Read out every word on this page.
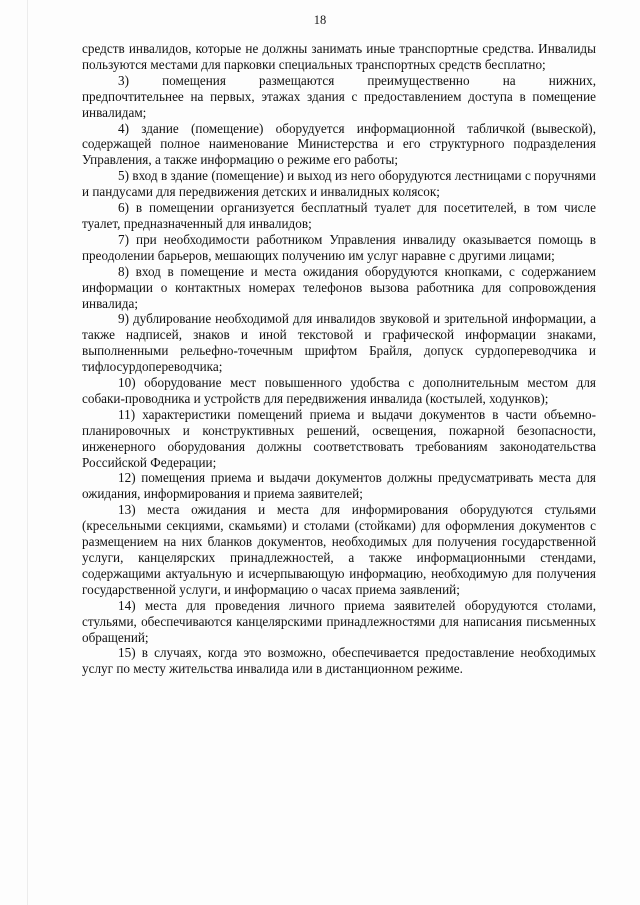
18

средств инвалидов, которые не должны занимать иные транспортные средства. Инвалиды пользуются местами для парковки специальных транспортных средств бесплатно;

3)     помещения     размещаются     преимущественно     на     нижних, предпочтительнее на первых, этажах здания с предоставлением доступа в помещение инвалидам;

4)  здание  (помещение)  оборудуется  информационной  табличкой (вывеской), содержащей полное наименование Министерства и его структурного подразделения Управления, а также информацию о режиме его работы;

5) вход в здание (помещение) и выход из него оборудуются лестницами с поручнями и пандусами для передвижения детских и инвалидных колясок;

6) в помещении организуется бесплатный туалет для посетителей, в том числе туалет, предназначенный для инвалидов;

7) при необходимости работником Управления инвалиду оказывается помощь в преодолении барьеров, мешающих получению им услуг наравне с другими лицами;

8) вход в помещение и места ожидания оборудуются кнопками, с содержанием информации о контактных номерах телефонов вызова работника для сопровождения инвалида;

9) дублирование необходимой для инвалидов звуковой и зрительной информации, а также надписей, знаков и иной текстовой и графической информации знаками, выполненными рельефно-точечным шрифтом Брайля, допуск сурдопереводчика и тифлосурдопереводчика;

10) оборудование мест повышенного удобства с дополнительным местом для собаки-проводника и устройств для передвижения инвалида (костылей, ходунков);

11) характеристики помещений приема и выдачи документов в части объемно-планировочных и конструктивных решений, освещения, пожарной безопасности, инженерного оборудования должны соответствовать требованиям законодательства Российской Федерации;

12) помещения приема и выдачи документов должны предусматривать места для ожидания, информирования и приема заявителей;

13) места ожидания и места для информирования оборудуются стульями (кресельными секциями, скамьями) и столами (стойками) для оформления документов с размещением на них бланков документов, необходимых для получения государственной услуги, канцелярских принадлежностей, а также информационными стендами, содержащими актуальную и исчерпывающую информацию, необходимую для получения государственной услуги, и информацию о часах приема заявлений;

14) места для проведения личного приема заявителей оборудуются столами, стульями, обеспечиваются канцелярскими принадлежностями для написания письменных обращений;

15) в случаях, когда это возможно, обеспечивается предоставление необходимых услуг по месту жительства инвалида или в дистанционном режиме.
